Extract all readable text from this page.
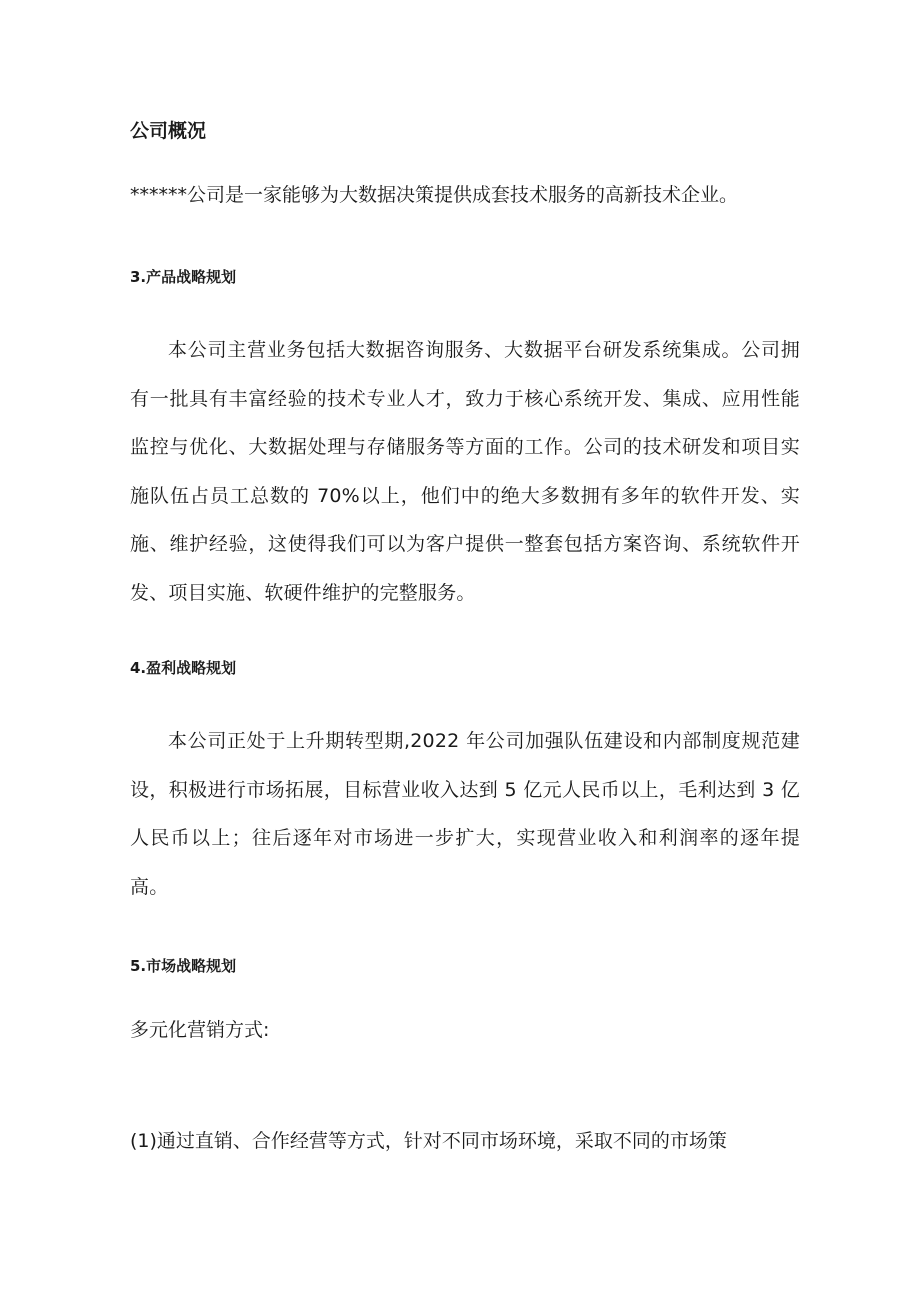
公司概况

******公司是一家能够为大数据决策提供成套技术服务的高新技术企业。

3.产品战略规划

本公司主营业务包括大数据咨询服务、大数据平台研发系统集成。公司拥有一批具有丰富经验的技术专业人才，致力于核心系统开发、集成、应用性能监控与优化、大数据处理与存储服务等方面的工作。公司的技术研发和项目实施队伍占员工总数的 70%以上，他们中的绝大多数拥有多年的软件开发、实施、维护经验，这使得我们可以为客户提供一整套包括方案咨询、系统软件开发、项目实施、软硬件维护的完整服务。

4.盈利战略规划

本公司正处于上升期转型期,2022 年公司加强队伍建设和内部制度规范建设，积极进行市场拓展，目标营业收入达到 5 亿元人民币以上，毛利达到 3 亿人民币以上；往后逐年对市场进一步扩大，实现营业收入和利润率的逐年提高。

5.市场战略规划

多元化营销方式:

(1)通过直销、合作经营等方式，针对不同市场环境，采取不同的市场策
